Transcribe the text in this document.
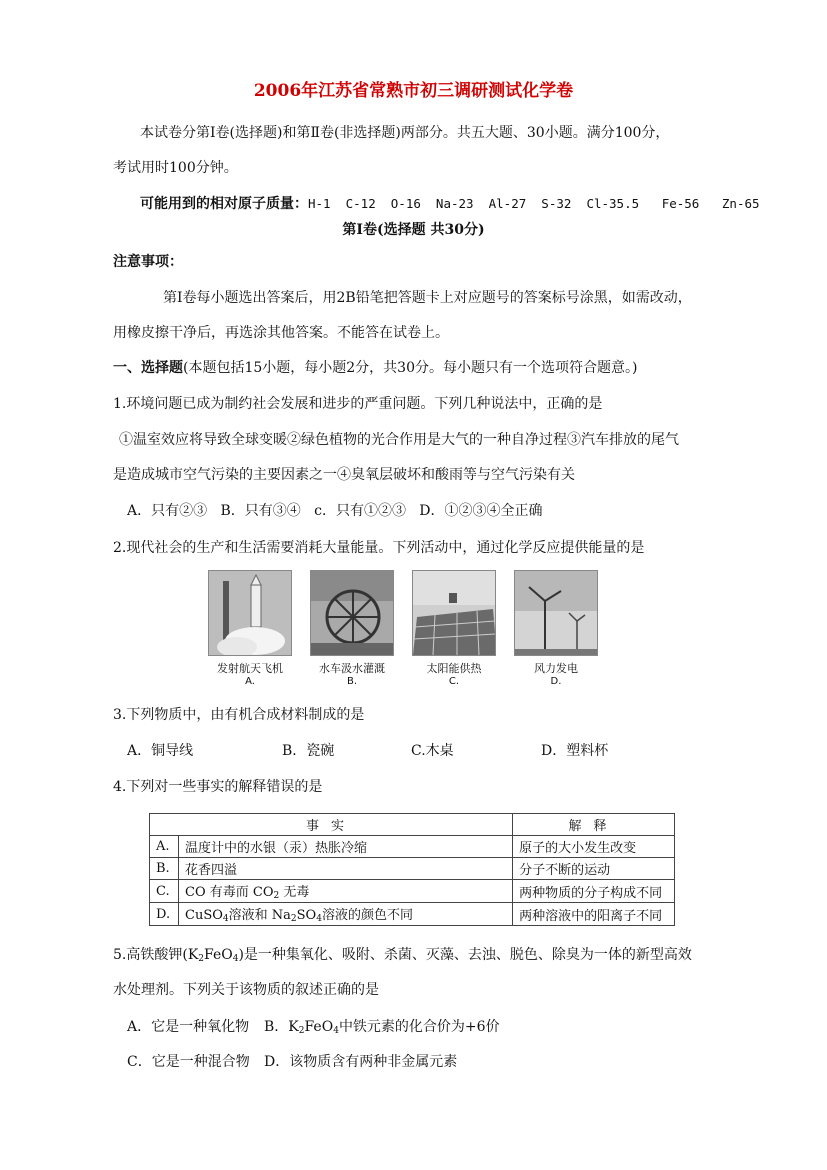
2006年江苏省常熟市初三调研测试化学卷
本试卷分第Ⅰ卷(选择题)和第Ⅱ卷(非选择题)两部分。共五大题、30小题。满分100分，
考试用时100分钟。
可能用到的相对原子质量：H-1  C-12  O-16  Na-23  Al-27  S-32  Cl-35.5   Fe-56   Zn-65
第Ⅰ卷(选择题 共30分)
注意事项：
第Ⅰ卷每小题选出答案后，用2B铅笔把答题卡上对应题号的答案标号涂黑，如需改动，
用橡皮擦干净后，再选涂其他答案。不能答在试卷上。
一、选择题(本题包括15小题，每小题2分，共30分。每小题只有一个选项符合题意。)
1.环境问题已成为制约社会发展和进步的严重问题。下列几种说法中，正确的是
①温室效应将导致全球变暖②绿色植物的光合作用是大气的一种自净过程③汽车排放的尾气
是造成城市空气污染的主要因素之一④臭氧层破坏和酸雨等与空气污染有关
A．只有②③   B．只有③④   c．只有①②③   D．①②③④全正确
2.现代社会的生产和生活需要消耗大量能量。下列活动中，通过化学反应提供能量的是
发射航天飞机
A.
水车汲水灌溉
B.
太阳能供热
C.
风力发电
D.
3.下列物质中，由有机合成材料制成的是
A．铜导线	B．瓷碗	C.木桌	D．塑料杯
4.下列对一些事实的解释错误的是
事实		解释
A.	温度计中的水银（汞）热胀冷缩	原子的大小发生改变
B.	花香四溢	分子不断的运动
C.	CO 有毒而 $CO_2$ 无毒	两种物质的分子构成不同
D.	CuSO$_4$溶液和 $Na_2SO_4$溶液的颜色不同	两种溶液中的阳离子不同
5.高铁酸钾$(K_2FeO_4)$是一种集氧化、吸附、杀菌、灭藻、去浊、脱色、除臭为一体的新型高效
水处理剂。下列关于该物质的叙述正确的是
A．它是一种氧化物 B．$K_2FeO_4$中铁元素的化合价为+6价
C．它是一种混合物 D．该物质含有两种非金属元素
